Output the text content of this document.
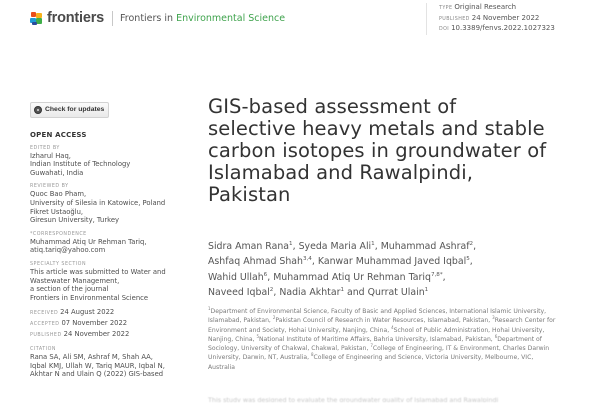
frontiers Frontiers in Environmental Science
TYPE Original Research
PUBLISHED 24 November 2022
DOI 10.3389/fenvs.2022.1027323
Check for updates
OPEN ACCESS
EDITED BY
Izharul Haq,
Indian Institute of Technology
Guwahati, India
REVIEWED BY
Quoc Bao Pham,
University of Silesia in Katowice, Poland
Fikret Ustaoğlu,
Giresun University, Turkey
*CORRESPONDENCE
Muhammad Atiq Ur Rehman Tariq,
atiq.tariq@yahoo.com
SPECIALTY SECTION
This article was submitted to Water and
Wastewater Management,
a section of the journal
Frontiers in Environmental Science
RECEIVED 24 August 2022
ACCEPTED 07 November 2022
PUBLISHED 24 November 2022
CITATION
Rana SA, Ali SM, Ashraf M, Shah AA,
Iqbal KMJ, Ullah W, Tariq MAUR, Iqbal N,
Akhtar N and Ulain Q (2022) GIS-based
GIS-based assessment of selective heavy metals and stable carbon isotopes in groundwater of Islamabad and Rawalpindi, Pakistan
Sidra Aman Rana$^1$, Syeda Maria Ali$^1$, Muhammad Ashraf$^2$,
Ashfaq Ahmad Shah$^{3,4}$, Kanwar Muhammad Javed Iqbal$^5$,
Wahid Ullah$^6$, Muhammad Atiq Ur Rehman Tariq$^{7,8*}$,
Naveed Iqbal$^2$, Nadia Akhtar$^1$ and Qurrat Ulain$^1$
$^1$Department of Environmental Science, Faculty of Basic and Applied Sciences, International Islamic University, Islamabad, Pakistan, $^2$Pakistan Council of Research in Water Resources, Islamabad, Pakistan, $^3$Research Center for Environment and Society, Hohai University, Nanjing, China, $^4$School of Public Administration, Hohai University, Nanjing, China, $^5$National Institute of Maritime Affairs, Bahria University, Islamabad, Pakistan, $^6$Department of Sociology, University of Chakwal, Chakwal, Pakistan, $^7$College of Engineering, IT & Environment, Charles Darwin University, Darwin, NT, Australia, $^8$College of Engineering and Science, Victoria University, Melbourne, VIC, Australia
This study was designed to evaluate the groundwater quality of Islamabad and Rawalpindi
